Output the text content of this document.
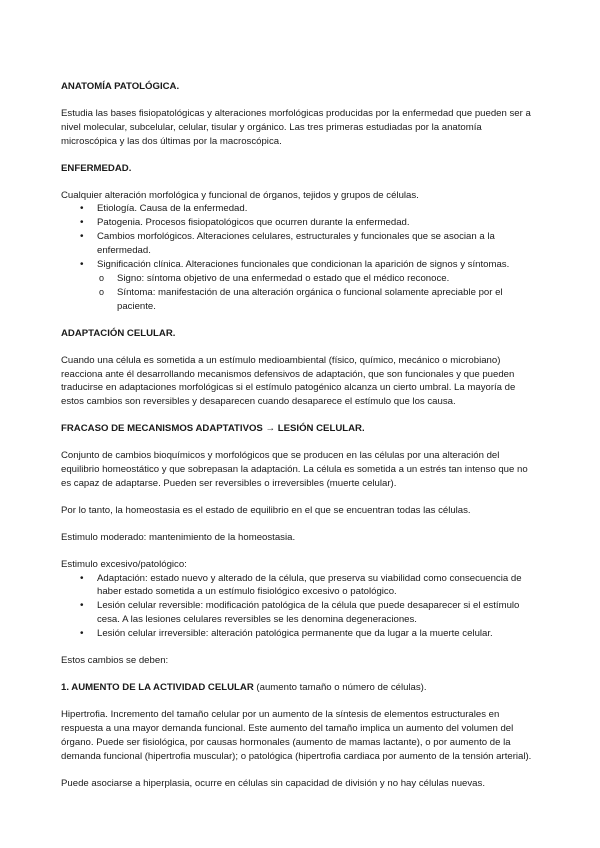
ANATOMÍA PATOLÓGICA.

Estudia las bases fisiopatológicas y alteraciones morfológicas producidas por la enfermedad que pueden ser a nivel molecular, subcelular, celular, tisular y orgánico. Las tres primeras estudiadas por la anatomía microscópica y las dos últimas por la macroscópica.

ENFERMEDAD.

Cualquier alteración morfológica y funcional de órganos, tejidos y grupos de células.

• Etiología. Causa de la enfermedad.
• Patogenia. Procesos fisiopatológicos que ocurren durante la enfermedad.
• Cambios morfológicos. Alteraciones celulares, estructurales y funcionales que se asocian a la enfermedad.
• Significación clínica. Alteraciones funcionales que condicionan la aparición de signos y síntomas.
o Signo: síntoma objetivo de una enfermedad o estado que el médico reconoce.
o Síntoma: manifestación de una alteración orgánica o funcional solamente apreciable por el paciente.
ADAPTACIÓN CELULAR.

Cuando una célula es sometida a un estímulo medioambiental (físico, químico, mecánico o microbiano) reacciona ante él desarrollando mecanismos defensivos de adaptación, que son funcionales y que pueden traducirse en adaptaciones morfológicas si el estímulo patogénico alcanza un cierto umbral. La mayoría de estos cambios son reversibles y desaparecen cuando desaparece el estímulo que los causa.

FRACASO DE MECANISMOS ADAPTATIVOS → LESIÓN CELULAR.

Conjunto de cambios bioquímicos y morfológicos que se producen en las células por una alteración del equilibrio homeostático y que sobrepasan la adaptación. La célula es sometida a un estrés tan intenso que no es capaz de adaptarse. Pueden ser reversibles o irreversibles (muerte celular).

Por lo tanto, la homeostasia es el estado de equilibrio en el que se encuentran todas las células.

Estimulo moderado: mantenimiento de la homeostasia.

Estimulo excesivo/patológico:

• Adaptación: estado nuevo y alterado de la célula, que preserva su viabilidad como consecuencia de haber estado sometida a un estímulo fisiológico excesivo o patológico.
• Lesión celular reversible: modificación patológica de la célula que puede desaparecer si el estímulo cesa. A las lesiones celulares reversibles se les denomina degeneraciones.
• Lesión celular irreversible: alteración patológica permanente que da lugar a la muerte celular.

Estos cambios se deben:

1. AUMENTO DE LA ACTIVIDAD CELULAR (aumento tamaño o número de células).

Hipertrofia. Incremento del tamaño celular por un aumento de la síntesis de elementos estructurales en respuesta a una mayor demanda funcional. Este aumento del tamaño implica un aumento del volumen del órgano. Puede ser fisiológica, por causas hormonales (aumento de mamas lactante), o por aumento de la demanda funcional (hipertrofia muscular); o patológica (hipertrofia cardiaca por aumento de la tensión arterial).

Puede asociarse a hiperplasia, ocurre en células sin capacidad de división y no hay células nuevas.
